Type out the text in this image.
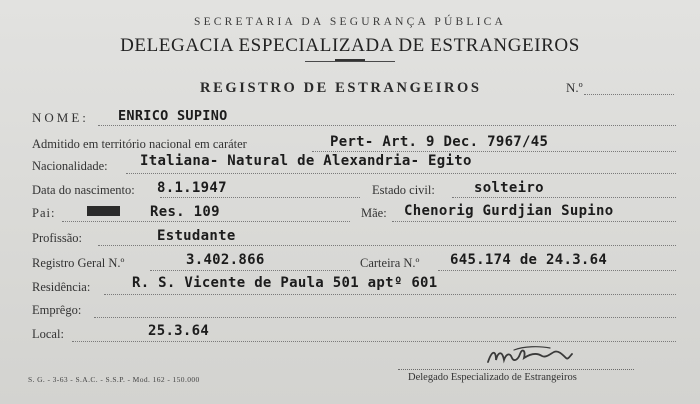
SECRETARIA DA SEGURANÇA PÚBLICA
DELEGACIA ESPECIALIZADA DE ESTRANGEIROS
REGISTRO DE ESTRANGEIROS	N.º
NOME: ENRICO SUPINO
Admitido em território nacional em caráter	Pert- Art. 9 Dec. 7967/45
Nacionalidade: Italiana- Natural de Alexandria- Egito
Data do nascimento: 8.1.1947	Estado civil:	solteiro
Pai:	Res. 109	Mãe: Chenorig Gurdjian Supino
Profissão:	Estudante
Registro Geral N.º	3.402.866	Carteira N.º 645.174 de 24.3.64
Residência:	R. S. Vicente de Paula 501 aptº 601
Emprêgo:
Local:	25.3.64
Delegado Especializado de Estrangeiros
S. G. - 3-63 - S.A.C. - S.S.P. - Mod. 162 - 150.000
